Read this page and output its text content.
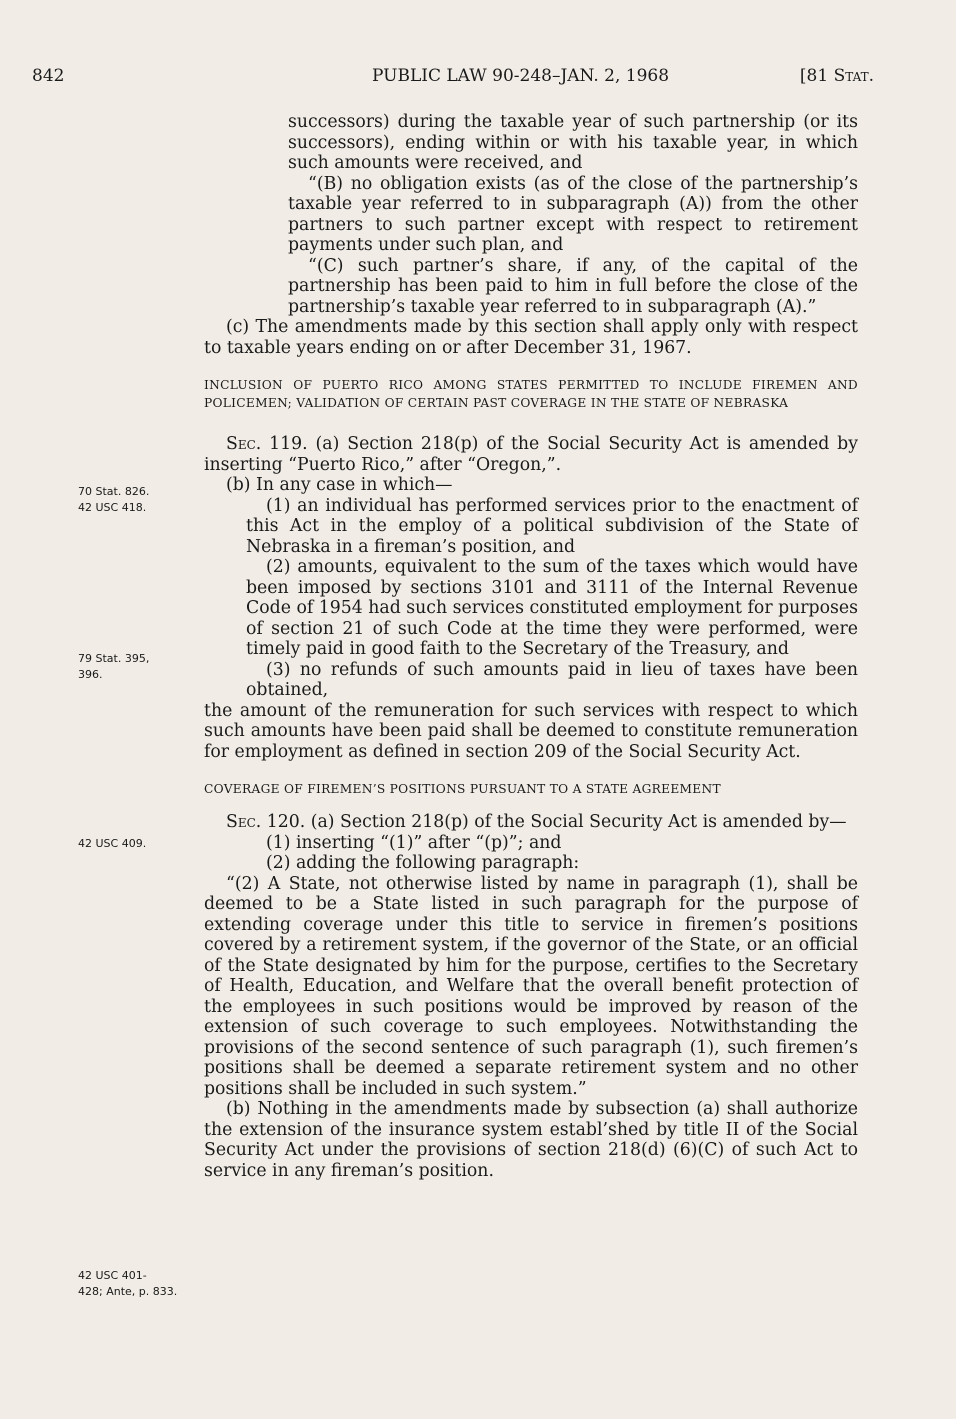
842	PUBLIC LAW 90-248–JAN. 2, 1968	[81 Stat.
70 Stat. 826.
42 USC 418.
79 Stat. 395,
396.
42 USC 409.
42 USC 401-
428; Ante, p. 833.

successors) during the taxable year of such partnership (or its successors), ending within or with his taxable year, in which such amounts were received, and

“(B) no obligation exists (as of the close of the partnership’s taxable year referred to in subparagraph (A)) from the other partners to such partner except with respect to retirement payments under such plan, and

“(C) such partner’s share, if any, of the capital of the partnership has been paid to him in full before the close of the partnership’s taxable year referred to in subparagraph (A).”

(c) The amendments made by this section shall apply only with respect to taxable years ending on or after December 31, 1967.

INCLUSION OF PUERTO RICO AMONG STATES PERMITTED TO INCLUDE FIREMEN AND POLICEMEN; VALIDATION OF CERTAIN PAST COVERAGE IN THE STATE OF NEBRASKA

Sec. 119. (a) Section 218(p) of the Social Security Act is amended by inserting “Puerto Rico,” after “Oregon,”.

(b) In any case in which—

(1) an individual has performed services prior to the enactment of this Act in the employ of a political subdivision of the State of Nebraska in a fireman’s position, and

(2) amounts, equivalent to the sum of the taxes which would have been imposed by sections 3101 and 3111 of the Internal Revenue Code of 1954 had such services constituted employment for purposes of section 21 of such Code at the time they were performed, were timely paid in good faith to the Secretary of the Treasury, and

(3) no refunds of such amounts paid in lieu of taxes have been obtained,

the amount of the remuneration for such services with respect to which such amounts have been paid shall be deemed to constitute remuneration for employment as defined in section 209 of the Social Security Act.

COVERAGE OF FIREMEN’S POSITIONS PURSUANT TO A STATE AGREEMENT

Sec. 120. (a) Section 218(p) of the Social Security Act is amended by—

(1) inserting “(1)” after “(p)”; and

(2) adding the following paragraph:

“(2) A State, not otherwise listed by name in paragraph (1), shall be deemed to be a State listed in such paragraph for the purpose of extending coverage under this title to service in firemen’s positions covered by a retirement system, if the governor of the State, or an official of the State designated by him for the purpose, certifies to the Secretary of Health, Education, and Welfare that the overall benefit protection of the employees in such positions would be improved by reason of the extension of such coverage to such employees. Notwithstanding the provisions of the second sentence of such paragraph (1), such firemen’s positions shall be deemed a separate retirement system and no other positions shall be included in such system.”

(b) Nothing in the amendments made by subsection (a) shall authorize the extension of the insurance system establ’shed by title II of the Social Security Act under the provisions of section 218(d) (6)(C) of such Act to service in any fireman’s position.
